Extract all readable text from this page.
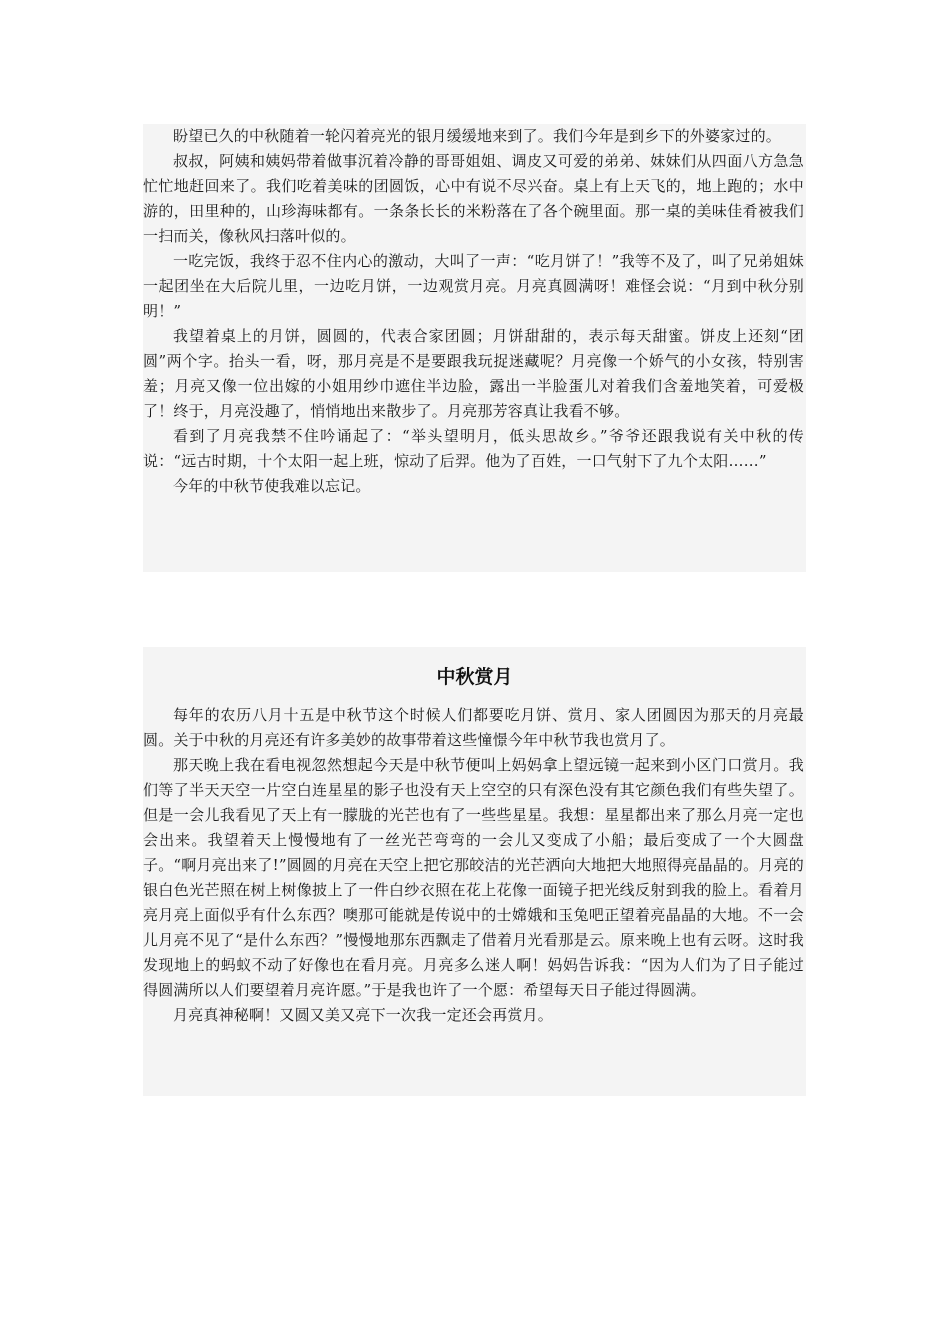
盼望已久的中秋随着一轮闪着亮光的银月缓缓地来到了。我们今年是到乡下的外婆家过的。

叔叔，阿姨和姨妈带着做事沉着冷静的哥哥姐姐、调皮又可爱的弟弟、妹妹们从四面八方急急忙忙地赶回来了。我们吃着美味的团圆饭，心中有说不尽兴奋。桌上有上天飞的，地上跑的；水中游的，田里种的，山珍海味都有。一条条长长的米粉落在了各个碗里面。那一桌的美味佳肴被我们一扫而关，像秋风扫落叶似的。

一吃完饭，我终于忍不住内心的激动，大叫了一声：“吃月饼了！”我等不及了，叫了兄弟姐妹一起团坐在大后院儿里，一边吃月饼，一边观赏月亮。月亮真圆满呀！难怪会说：“月到中秋分别明！”

我望着桌上的月饼，圆圆的，代表合家团圆；月饼甜甜的，表示每天甜蜜。饼皮上还刻“团圆”两个字。抬头一看，呀，那月亮是不是要跟我玩捉迷藏呢？月亮像一个娇气的小女孩，特别害羞；月亮又像一位出嫁的小姐用纱巾遮住半边脸，露出一半脸蛋儿对着我们含羞地笑着，可爱极了！终于，月亮没趣了，悄悄地出来散步了。月亮那芳容真让我看不够。

看到了月亮我禁不住吟诵起了：“举头望明月，低头思故乡。”爷爷还跟我说有关中秋的传说：“远古时期，十个太阳一起上班，惊动了后羿。他为了百姓，一口气射下了九个太阳……”

今年的中秋节使我难以忘记。

中秋赏月

每年的农历八月十五是中秋节这个时候人们都要吃月饼、赏月、家人团圆因为那天的月亮最圆。关于中秋的月亮还有许多美妙的故事带着这些憧憬今年中秋节我也赏月了。

那天晚上我在看电视忽然想起今天是中秋节便叫上妈妈拿上望远镜一起来到小区门口赏月。我们等了半天天空一片空白连星星的影子也没有天上空空的只有深色没有其它颜色我们有些失望了。但是一会儿我看见了天上有一朦胧的光芒也有了一些些星星。我想：星星都出来了那么月亮一定也会出来。我望着天上慢慢地有了一丝光芒弯弯的一会儿又变成了小船；最后变成了一个大圆盘子。“啊月亮出来了!”圆圆的月亮在天空上把它那皎洁的光芒洒向大地把大地照得亮晶晶的。月亮的银白色光芒照在树上树像披上了一件白纱衣照在花上花像一面镜子把光线反射到我的脸上。看着月亮月亮上面似乎有什么东西？噢那可能就是传说中的士嫦娥和玉兔吧正望着亮晶晶的大地。不一会儿月亮不见了“是什么东西？”慢慢地那东西飘走了借着月光看那是云。原来晚上也有云呀。这时我发现地上的蚂蚁不动了好像也在看月亮。月亮多么迷人啊！妈妈告诉我：“因为人们为了日子能过得圆满所以人们要望着月亮许愿。”于是我也许了一个愿：希望每天日子能过得圆满。

月亮真神秘啊！又圆又美又亮下一次我一定还会再赏月。
